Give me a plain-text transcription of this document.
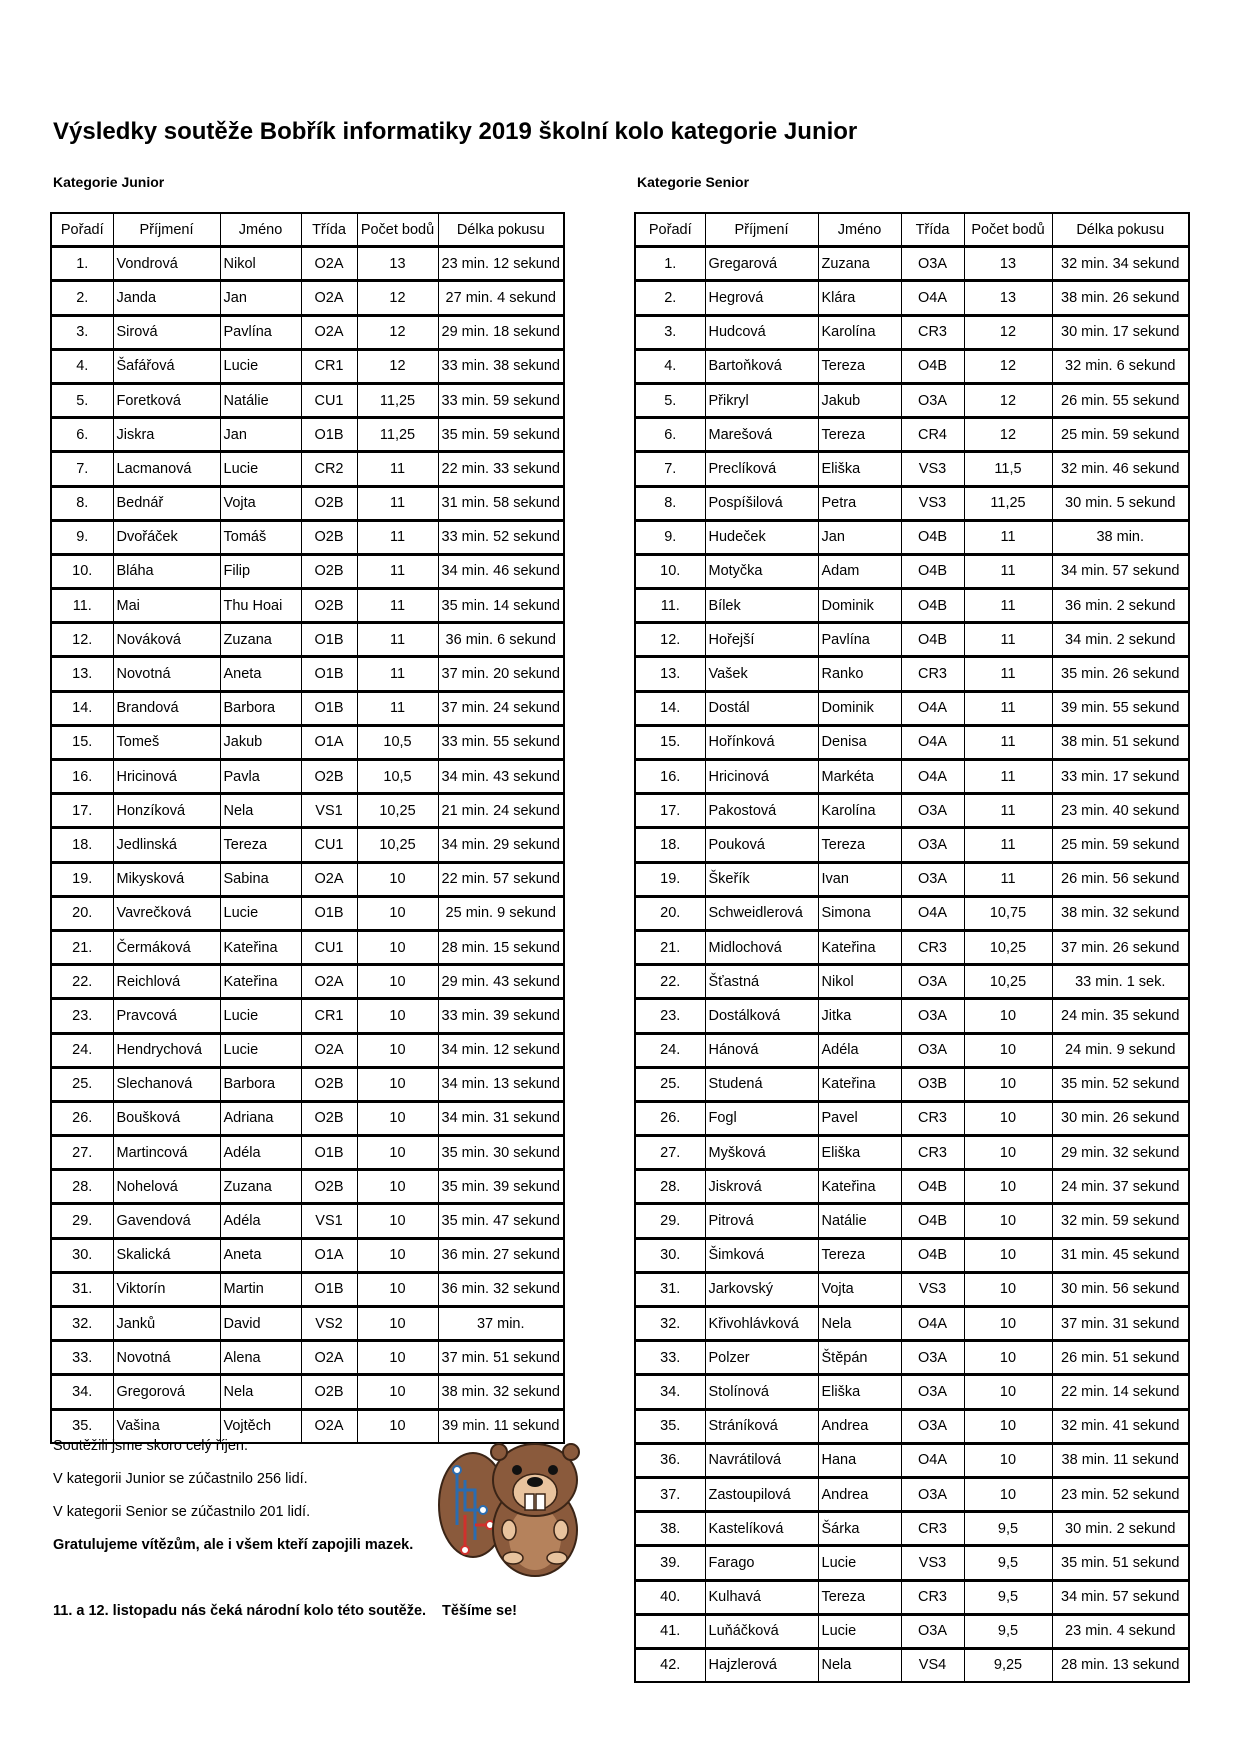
Výsledky soutěže Bobřík informatiky 2019 školní kolo kategorie Junior
Kategorie Junior	Kategorie Senior
Pořadí	Příjmení	Jméno	Třída	Počet bodů	Délka pokusu
1.	Vondrová	Nikol	O2A	13	23 min. 12 sekund
2.	Janda	Jan	O2A	12	27 min. 4 sekund
3.	Sirová	Pavlína	O2A	12	29 min. 18 sekund
4.	Šafářová	Lucie	CR1	12	33 min. 38 sekund
5.	Foretková	Natálie	CU1	11,25	33 min. 59 sekund
6.	Jiskra	Jan	O1B	11,25	35 min. 59 sekund
7.	Lacmanová	Lucie	CR2	11	22 min. 33 sekund
8.	Bednář	Vojta	O2B	11	31 min. 58 sekund
9.	Dvořáček	Tomáš	O2B	11	33 min. 52 sekund
10.	Bláha	Filip	O2B	11	34 min. 46 sekund
11.	Mai	Thu Hoai	O2B	11	35 min. 14 sekund
12.	Nováková	Zuzana	O1B	11	36 min. 6 sekund
13.	Novotná	Aneta	O1B	11	37 min. 20 sekund
14.	Brandová	Barbora	O1B	11	37 min. 24 sekund
15.	Tomeš	Jakub	O1A	10,5	33 min. 55 sekund
16.	Hricinová	Pavla	O2B	10,5	34 min. 43 sekund
17.	Honzíková	Nela	VS1	10,25	21 min. 24 sekund
18.	Jedlinská	Tereza	CU1	10,25	34 min. 29 sekund
19.	Mikysková	Sabina	O2A	10	22 min. 57 sekund
20.	Vavrečková	Lucie	O1B	10	25 min. 9 sekund
21.	Čermáková	Kateřina	CU1	10	28 min. 15 sekund
22.	Reichlová	Kateřina	O2A	10	29 min. 43 sekund
23.	Pravcová	Lucie	CR1	10	33 min. 39 sekund
24.	Hendrychová	Lucie	O2A	10	34 min. 12 sekund
25.	Slechanová	Barbora	O2B	10	34 min. 13 sekund
26.	Boušková	Adriana	O2B	10	34 min. 31 sekund
27.	Martincová	Adéla	O1B	10	35 min. 30 sekund
28.	Nohelová	Zuzana	O2B	10	35 min. 39 sekund
29.	Gavendová	Adéla	VS1	10	35 min. 47 sekund
30.	Skalická	Aneta	O1A	10	36 min. 27 sekund
31.	Viktorín	Martin	O1B	10	36 min. 32 sekund
32.	Janků	David	VS2	10	37 min.
33.	Novotná	Alena	O2A	10	37 min. 51 sekund
34.	Gregorová	Nela	O2B	10	38 min. 32 sekund
35.	Vašina	Vojtěch	O2A	10	39 min. 11 sekund
Pořadí	Příjmení	Jméno	Třída	Počet bodů	Délka pokusu
1.	Gregarová	Zuzana	O3A	13	32 min. 34 sekund
2.	Hegrová	Klára	O4A	13	38 min. 26 sekund
3.	Hudcová	Karolína	CR3	12	30 min. 17 sekund
4.	Bartoňková	Tereza	O4B	12	32 min. 6 sekund
5.	Přikryl	Jakub	O3A	12	26 min. 55 sekund
6.	Marešová	Tereza	CR4	12	25 min. 59 sekund
7.	Preclíková	Eliška	VS3	11,5	32 min. 46 sekund
8.	Pospíšilová	Petra	VS3	11,25	30 min. 5 sekund
9.	Hudeček	Jan	O4B	11	38 min.
10.	Motyčka	Adam	O4B	11	34 min. 57 sekund
11.	Bílek	Dominik	O4B	11	36 min. 2 sekund
12.	Hořejší	Pavlína	O4B	11	34 min. 2 sekund
13.	Vašek	Ranko	CR3	11	35 min. 26 sekund
14.	Dostál	Dominik	O4A	11	39 min. 55 sekund
15.	Hořínková	Denisa	O4A	11	38 min. 51 sekund
16.	Hricinová	Markéta	O4A	11	33 min. 17 sekund
17.	Pakostová	Karolína	O3A	11	23 min. 40 sekund
18.	Pouková	Tereza	O3A	11	25 min. 59 sekund
19.	Škeřík	Ivan	O3A	11	26 min. 56 sekund
20.	Schweidlerová	Simona	O4A	10,75	38 min. 32 sekund
21.	Midlochová	Kateřina	CR3	10,25	37 min. 26 sekund
22.	Šťastná	Nikol	O3A	10,25	33 min. 1 sek.
23.	Dostálková	Jitka	O3A	10	24 min. 35 sekund
24.	Hánová	Adéla	O3A	10	24 min. 9 sekund
25.	Studená	Kateřina	O3B	10	35 min. 52 sekund
26.	Fogl	Pavel	CR3	10	30 min. 26 sekund
27.	Myšková	Eliška	CR3	10	29 min. 32 sekund
28.	Jiskrová	Kateřina	O4B	10	24 min. 37 sekund
29.	Pitrová	Natálie	O4B	10	32 min. 59 sekund
30.	Šimková	Tereza	O4B	10	31 min. 45 sekund
31.	Jarkovský	Vojta	VS3	10	30 min. 56 sekund
32.	Křivohlávková	Nela	O4A	10	37 min. 31 sekund
33.	Polzer	Štěpán	O3A	10	26 min. 51 sekund
34.	Stolínová	Eliška	O3A	10	22 min. 14 sekund
35.	Stráníková	Andrea	O3A	10	32 min. 41 sekund
36.	Navrátilová	Hana	O4A	10	38 min. 11 sekund
37.	Zastoupilová	Andrea	O3A	10	23 min. 52 sekund
38.	Kastelíková	Šárka	CR3	9,5	30 min. 2 sekund
39.	Farago	Lucie	VS3	9,5	35 min. 51 sekund
40.	Kulhavá	Tereza	CR3	9,5	34 min. 57 sekund
41.	Luňáčková	Lucie	O3A	9,5	23 min. 4 sekund
42.	Hajzlerová	Nela	VS4	9,25	28 min. 13 sekund
Soutěžili jsme skoro celý říjen.
V kategorii Junior se zúčastnilo 256 lidí.
V kategorii Senior se zúčastnilo 201 lidí.
Gratulujeme vítězům, ale i všem kteří zapojili mazek.
11. a 12. listopadu nás čeká národní kolo této soutěže. Těšíme se!
